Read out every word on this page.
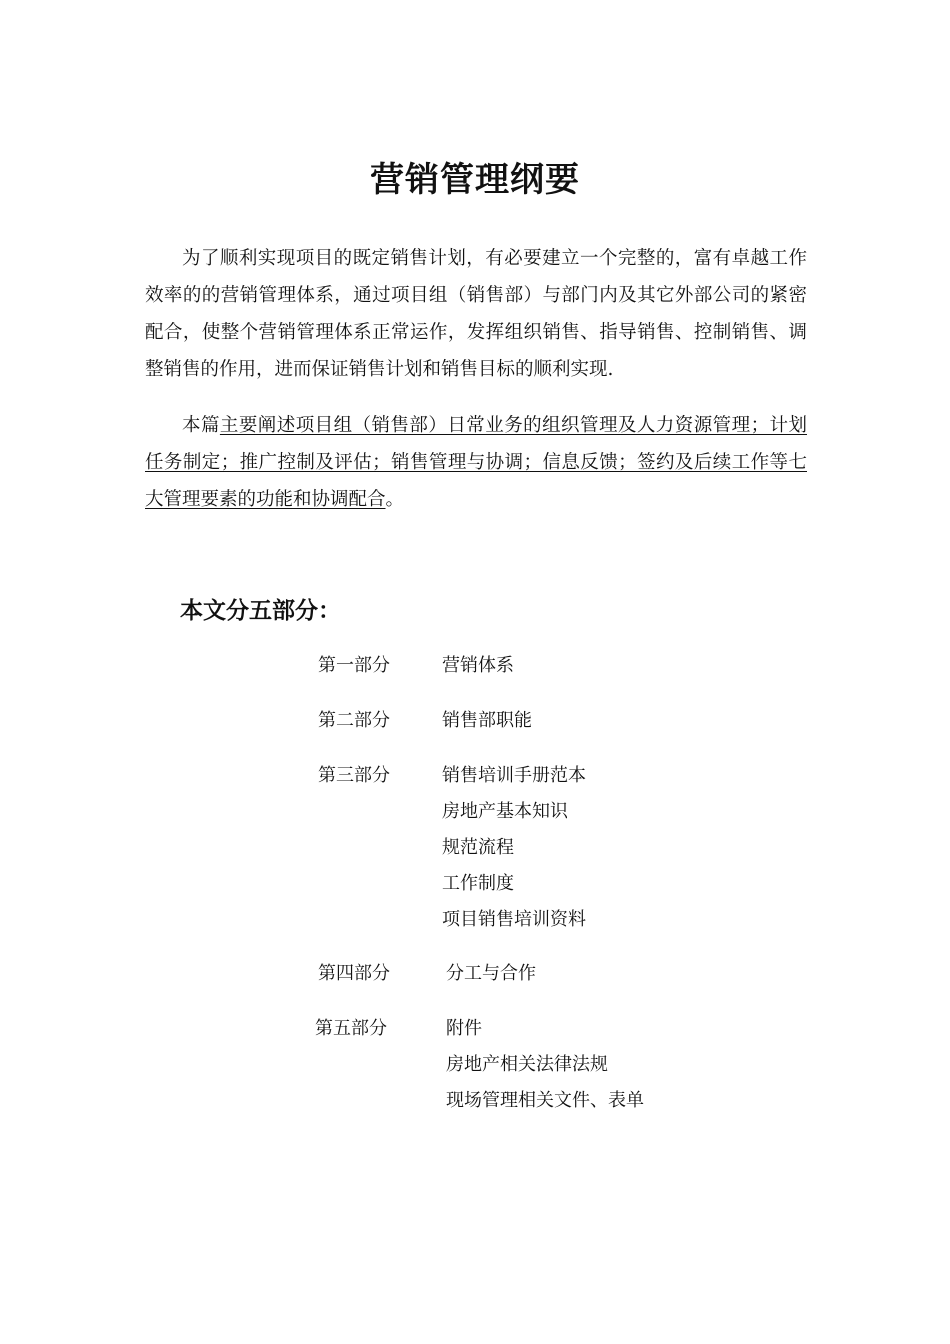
营销管理纲要

为了顺利实现项目的既定销售计划，有必要建立一个完整的，富有卓越工作效率的的营销管理体系，通过项目组（销售部）与部门内及其它外部公司的紧密配合，使整个营销管理体系正常运作，发挥组织销售、指导销售、控制销售、调整销售的作用，进而保证销售计划和销售目标的顺利实现.

本篇主要阐述项目组（销售部）日常业务的组织管理及人力资源管理；计划任务制定；推广控制及评估；销售管理与协调；信息反馈；签约及后续工作等七大管理要素的功能和协调配合。

本文分五部分：
第一部分	营销体系
第二部分	销售部职能
第三部分	销售培训手册范本
房地产基本知识
规范流程
工作制度
项目销售培训资料
第四部分	分工与合作
第五部分	附件
房地产相关法律法规
现场管理相关文件、表单
